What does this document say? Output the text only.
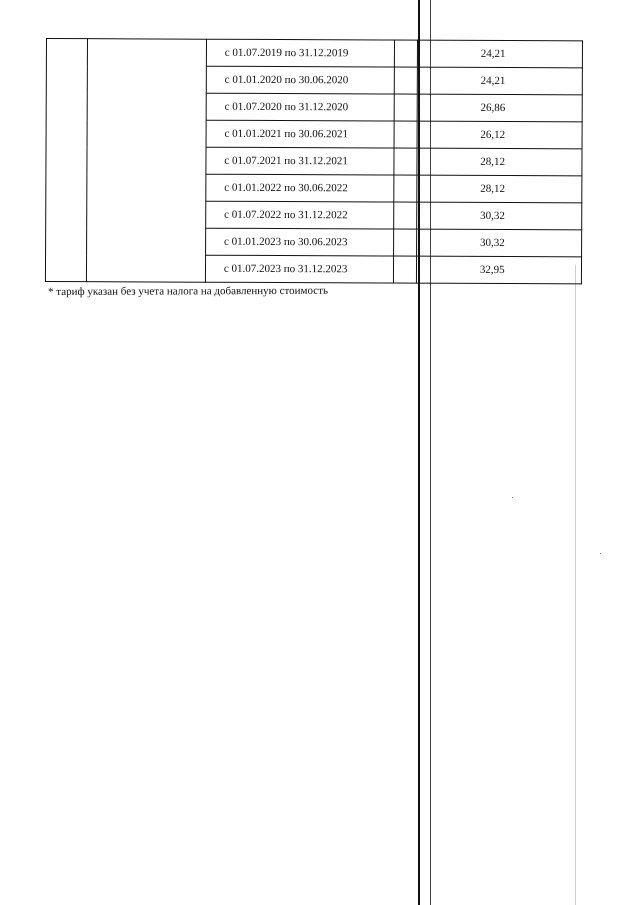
		с 01.07.2019 по 31.12.2019		24,21
		с 01.01.2020 по 30.06.2020		24,21
		с 01.07.2020 по 31.12.2020		26,86
		с 01.01.2021 по 30.06.2021		26,12
		с 01.07.2021 по 31.12.2021		28,12
		с 01.01.2022 по 30.06.2022		28,12
		с 01.07.2022 по 31.12.2022		30,32
		с 01.01.2023 по 30.06.2023		30,32
		с 01.07.2023 по 31.12.2023		32,95
* тариф указан без учета налога на добавленную стоимость
